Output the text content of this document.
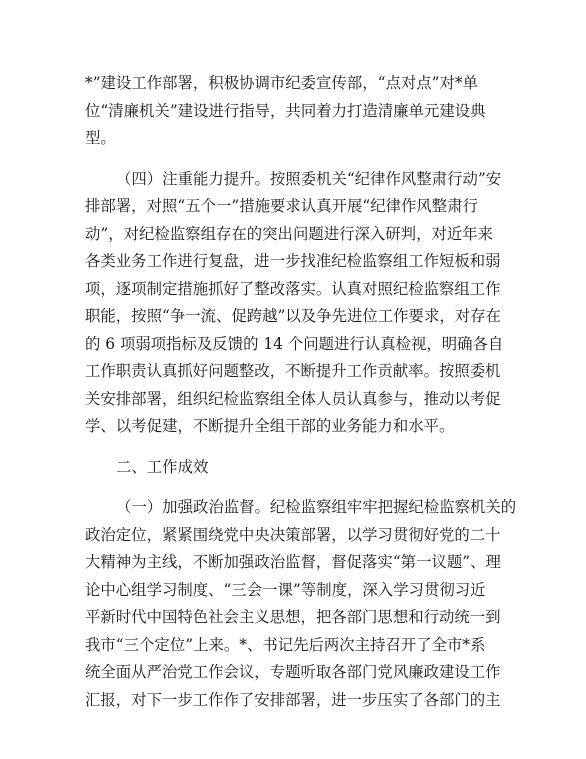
*”建设工作部署，积极协调市纪委宣传部，“点对点”对*单
位“清廉机关”建设进行指导，共同着力打造清廉单元建设典
型。
（四）注重能力提升。按照委机关“纪律作风整肃行动”安
排部署，对照“五个一”措施要求认真开展“纪律作风整肃行
动”，对纪检监察组存在的突出问题进行深入研判，对近年来
各类业务工作进行复盘，进一步找准纪检监察组工作短板和弱
项，逐项制定措施抓好了整改落实。认真对照纪检监察组工作
职能，按照“争一流、促跨越”以及争先进位工作要求，对存在
的 6 项弱项指标及反馈的 14 个问题进行认真检视，明确各自
工作职责认真抓好问题整改，不断提升工作贡献率。按照委机
关安排部署，组织纪检监察组全体人员认真参与，推动以考促
学、以考促建，不断提升全组干部的业务能力和水平。
二、工作成效
（一）加强政治监督。纪检监察组牢牢把握纪检监察机关的
政治定位，紧紧围绕党中央决策部署，以学习贯彻好党的二十
大精神为主线，不断加强政治监督，督促落实“第一议题”、理
论中心组学习制度、“三会一课”等制度，深入学习贯彻习近
平新时代中国特色社会主义思想，把各部门思想和行动统一到
我市“三个定位”上来。*、书记先后两次主持召开了全市*系
统全面从严治党工作会议，专题听取各部门党风廉政建设工作
汇报，对下一步工作作了安排部署，进一步压实了各部门的主
